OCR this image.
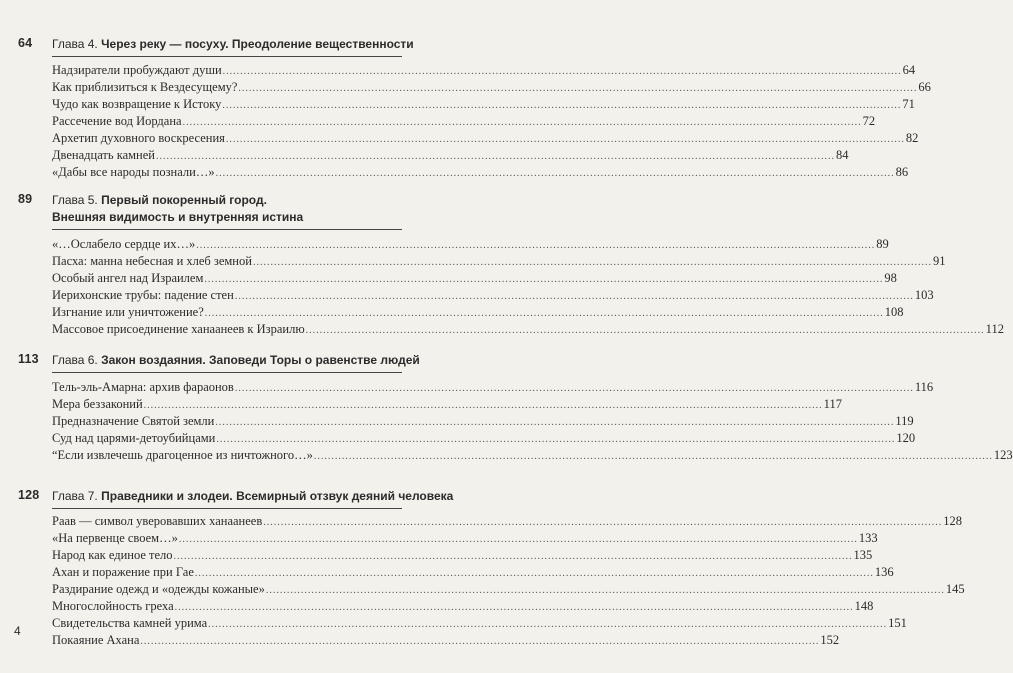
64 Глава 4. Через реку — посуху. Преодоление вещественности
Надзиратели пробуждают души .....	64
Как приблизиться к Вездесущему? .....	66
Чудо как возвращение к Истоку .....	71
Рассечение вод Иордана .....	72
Архетип духовного воскресения .....	82
Двенадцать камней .....	84
«Дабы все народы познали…» .....	86
89 Глава 5. Первый покоренный город.
Внешняя видимость и внутренняя истина
«…Ослабело сердце их…» .....	89
Пасха: манна небесная и хлеб земной .....	91
Особый ангел над Израилем .....	98
Иерихонские трубы: падение стен .....	103
Изгнание или уничтожение? .....	108
Массовое присоединение ханаанеев к Израилю .....	112
113 Глава 6. Закон воздаяния. Заповеди Торы о равенстве людей
Тель-эль-Амарна: архив фараонов .....	116
Мера беззаконий .....	117
Предназначение Святой земли .....	119
Суд над царями-детоубийцами .....	120
“Если извлечешь драгоценное из ничтожного…» .....	123
128 Глава 7. Праведники и злодеи. Всемирный отзвук деяний человека
Раав — символ уверовавших ханаанеев .....	128
«На первенце своем…» .....	133
Народ как единое тело .....	135
Ахан и поражение при Гае .....	136
Раздирание одежд и «одежды кожаные» .....	145
Многослойность греха .....	148
Свидетельства камней урима .....	151
Покаяние Ахана .....	152
4
